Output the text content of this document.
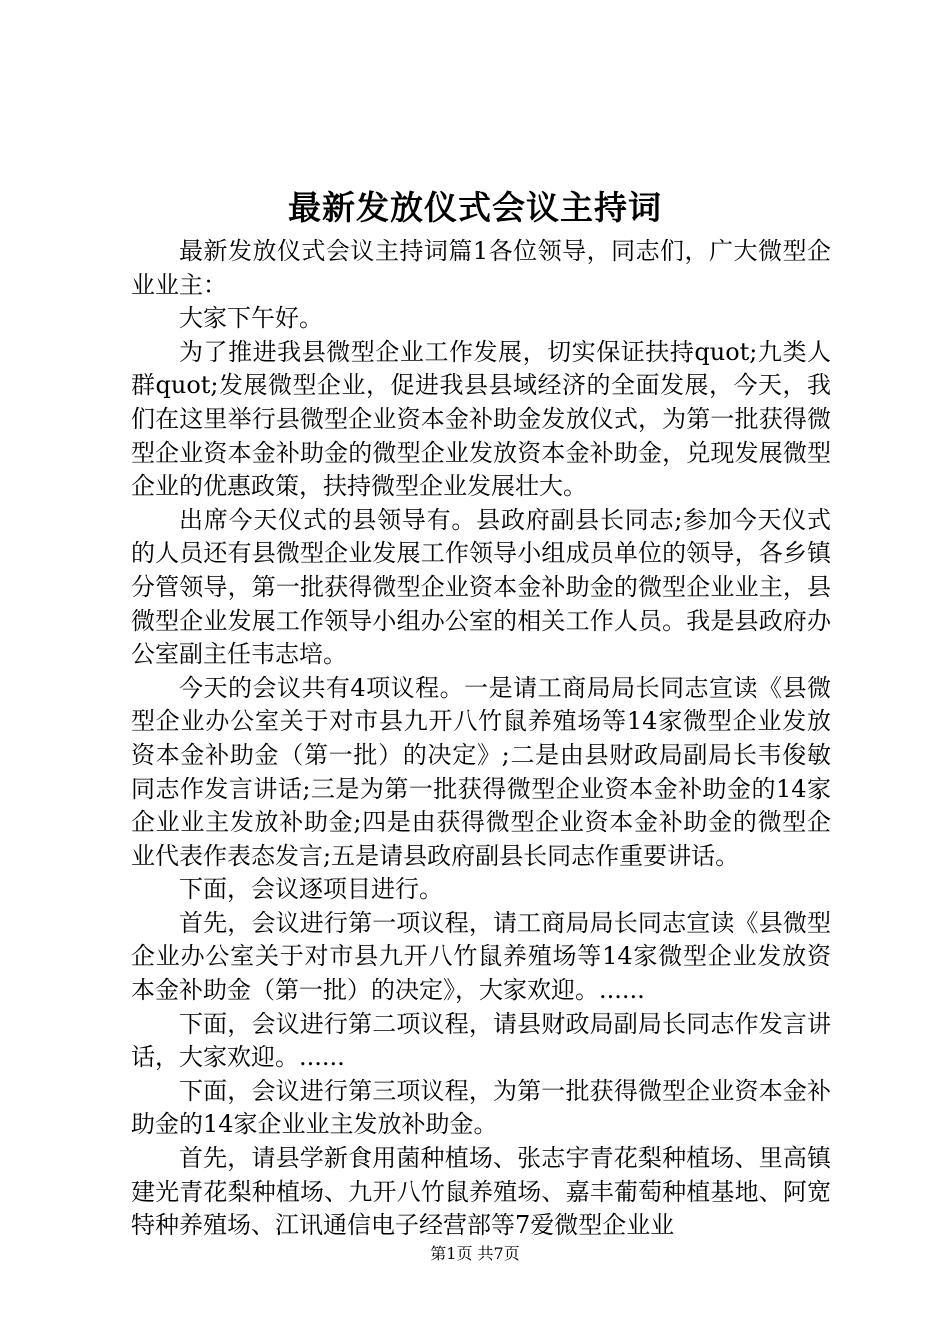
最新发放仪式会议主持词

最新发放仪式会议主持词篇1各位领导，同志们，广大微型企业业主：

大家下午好。

为了推进我县微型企业工作发展，切实保证扶持quot;九类人群quot;发展微型企业，促进我县县域经济的全面发展，今天，我们在这里举行县微型企业资本金补助金发放仪式，为第一批获得微型企业资本金补助金的微型企业发放资本金补助金，兑现发展微型企业的优惠政策，扶持微型企业发展壮大。

出席今天仪式的县领导有。县政府副县长同志;参加今天仪式的人员还有县微型企业发展工作领导小组成员单位的领导，各乡镇分管领导，第一批获得微型企业资本金补助金的微型企业业主，县微型企业发展工作领导小组办公室的相关工作人员。我是县政府办公室副主任韦志培。

今天的会议共有4项议程。一是请工商局局长同志宣读《县微型企业办公室关于对市县九开八竹鼠养殖场等14家微型企业发放资本金补助金（第一批）的决定》;二是由县财政局副局长韦俊敏同志作发言讲话;三是为第一批获得微型企业资本金补助金的14家企业业主发放补助金;四是由获得微型企业资本金补助金的微型企业代表作表态发言;五是请县政府副县长同志作重要讲话。

下面，会议逐项目进行。

首先，会议进行第一项议程，请工商局局长同志宣读《县微型企业办公室关于对市县九开八竹鼠养殖场等14家微型企业发放资本金补助金（第一批）的决定》，大家欢迎。......

下面，会议进行第二项议程，请县财政局副局长同志作发言讲话，大家欢迎。......

下面，会议进行第三项议程，为第一批获得微型企业资本金补助金的14家企业业主发放补助金。

首先，请县学新食用菌种植场、张志宇青花梨种植场、里高镇建光青花梨种植场、九开八竹鼠养殖场、嘉丰葡萄种植基地、阿宽特种养殖场、江讯通信电子经营部等7爱微型企业业

第1页 共7页
